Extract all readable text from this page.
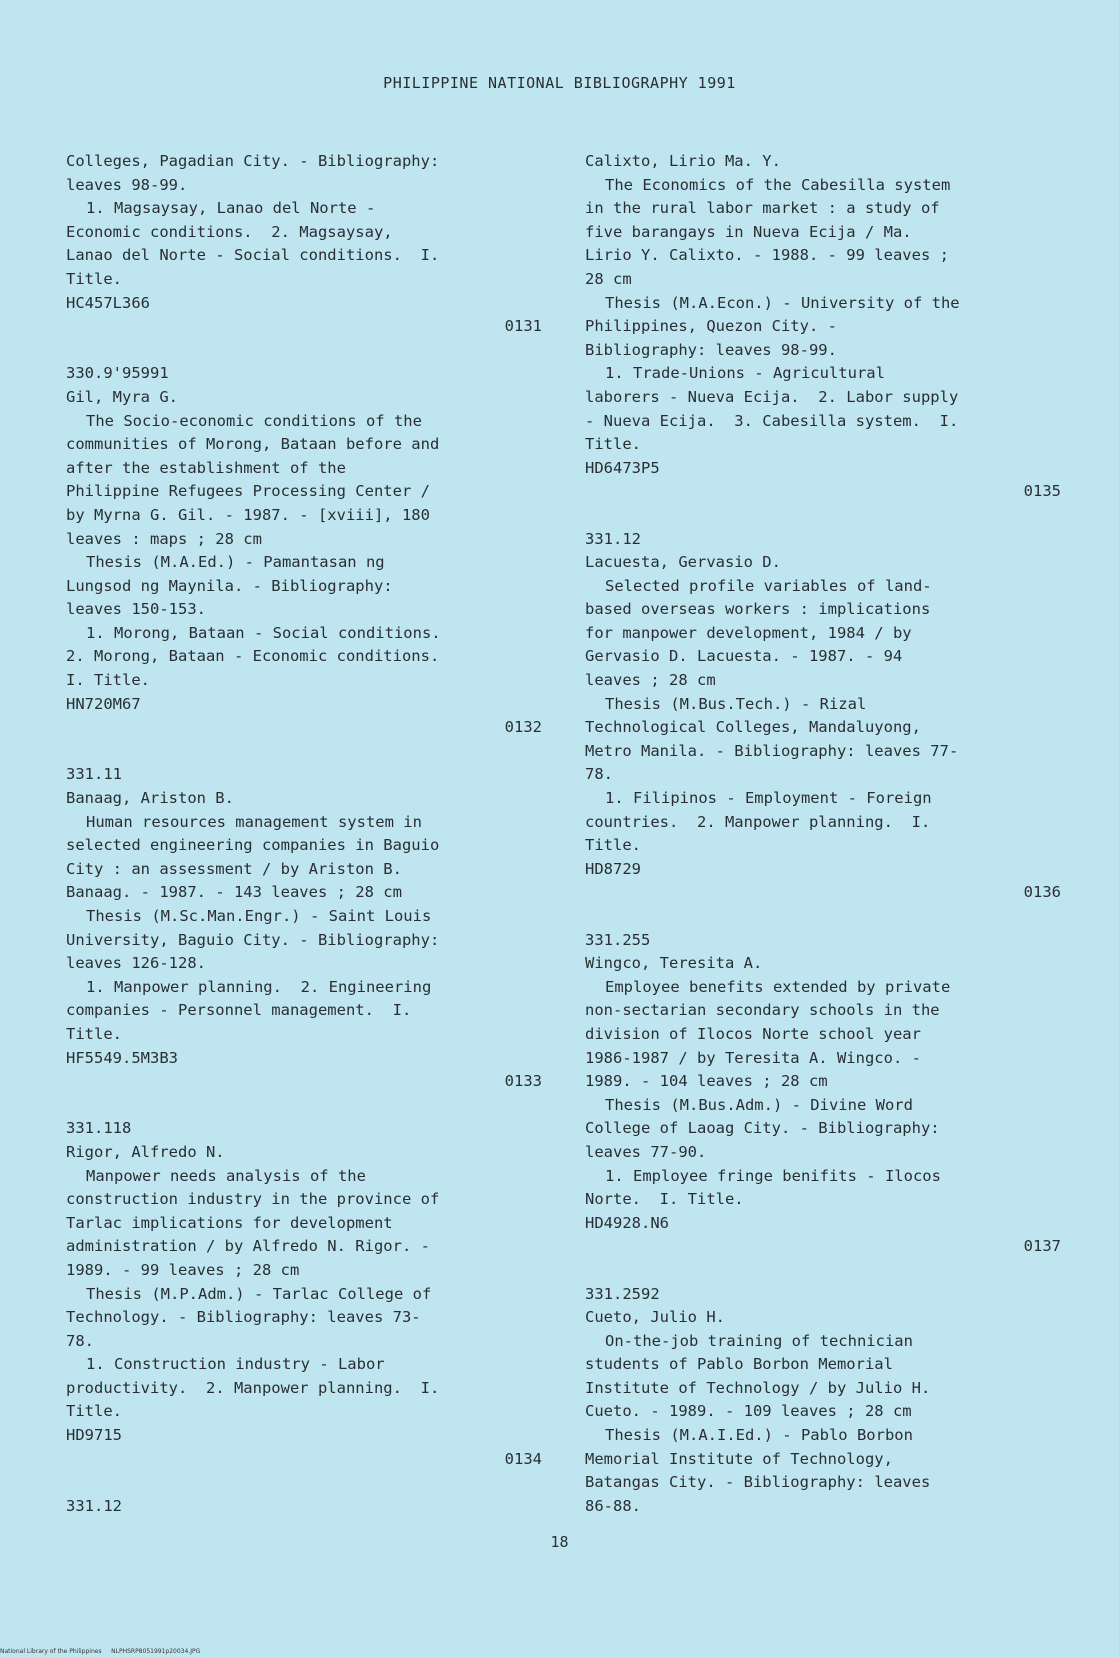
PHILIPPINE NATIONAL BIBLIOGRAPHY 1991
Colleges, Pagadian City. - Bibliography:
leaves 98-99.
1. Magsaysay, Lanao del Norte -
Economic conditions.  2. Magsaysay,
Lanao del Norte - Social conditions.  I.
Title.
HC457L366
0131
330.9'95991
Gil, Myra G.
The Socio-economic conditions of the
communities of Morong, Bataan before and
after the establishment of the
Philippine Refugees Processing Center /
by Myrna G. Gil. - 1987. - [xviii], 180
leaves : maps ; 28 cm
Thesis (M.A.Ed.) - Pamantasan ng
Lungsod ng Maynila. - Bibliography:
leaves 150-153.
1. Morong, Bataan - Social conditions.
2. Morong, Bataan - Economic conditions.
I. Title.
HN720M67
0132
331.11
Banaag, Ariston B.
Human resources management system in
selected engineering companies in Baguio
City : an assessment / by Ariston B.
Banaag. - 1987. - 143 leaves ; 28 cm
Thesis (M.Sc.Man.Engr.) - Saint Louis
University, Baguio City. - Bibliography:
leaves 126-128.
1. Manpower planning.  2. Engineering
companies - Personnel management.  I.
Title.
HF5549.5M3B3
0133
331.118
Rigor, Alfredo N.
Manpower needs analysis of the
construction industry in the province of
Tarlac implications for development
administration / by Alfredo N. Rigor. -
1989. - 99 leaves ; 28 cm
Thesis (M.P.Adm.) - Tarlac College of
Technology. - Bibliography: leaves 73-
78.
1. Construction industry - Labor
productivity.  2. Manpower planning.  I.
Title.
HD9715
0134
331.12
Calixto, Lirio Ma. Y.
The Economics of the Cabesilla system
in the rural labor market : a study of
five barangays in Nueva Ecija / Ma.
Lirio Y. Calixto. - 1988. - 99 leaves ;
28 cm
Thesis (M.A.Econ.) - University of the
Philippines, Quezon City. -
Bibliography: leaves 98-99.
1. Trade-Unions - Agricultural
laborers - Nueva Ecija.  2. Labor supply
- Nueva Ecija.  3. Cabesilla system.  I.
Title.
HD6473P5
0135
331.12
Lacuesta, Gervasio D.
Selected profile variables of land-
based overseas workers : implications
for manpower development, 1984 / by
Gervasio D. Lacuesta. - 1987. - 94
leaves ; 28 cm
Thesis (M.Bus.Tech.) - Rizal
Technological Colleges, Mandaluyong,
Metro Manila. - Bibliography: leaves 77-
78.
1. Filipinos - Employment - Foreign
countries.  2. Manpower planning.  I.
Title.
HD8729
0136
331.255
Wingco, Teresita A.
Employee benefits extended by private
non-sectarian secondary schools in the
division of Ilocos Norte school year
1986-1987 / by Teresita A. Wingco. -
1989. - 104 leaves ; 28 cm
Thesis (M.Bus.Adm.) - Divine Word
College of Laoag City. - Bibliography:
leaves 77-90.
1. Employee fringe benifits - Ilocos
Norte.  I. Title.
HD4928.N6
0137
331.2592
Cueto, Julio H.
On-the-job training of technician
students of Pablo Borbon Memorial
Institute of Technology / by Julio H.
Cueto. - 1989. - 109 leaves ; 28 cm
Thesis (M.A.I.Ed.) - Pablo Borbon
Memorial Institute of Technology,
Batangas City. - Bibliography: leaves
86-88.
18
National Library of the Philippines NLPHSRP8051991p20034.JPG
